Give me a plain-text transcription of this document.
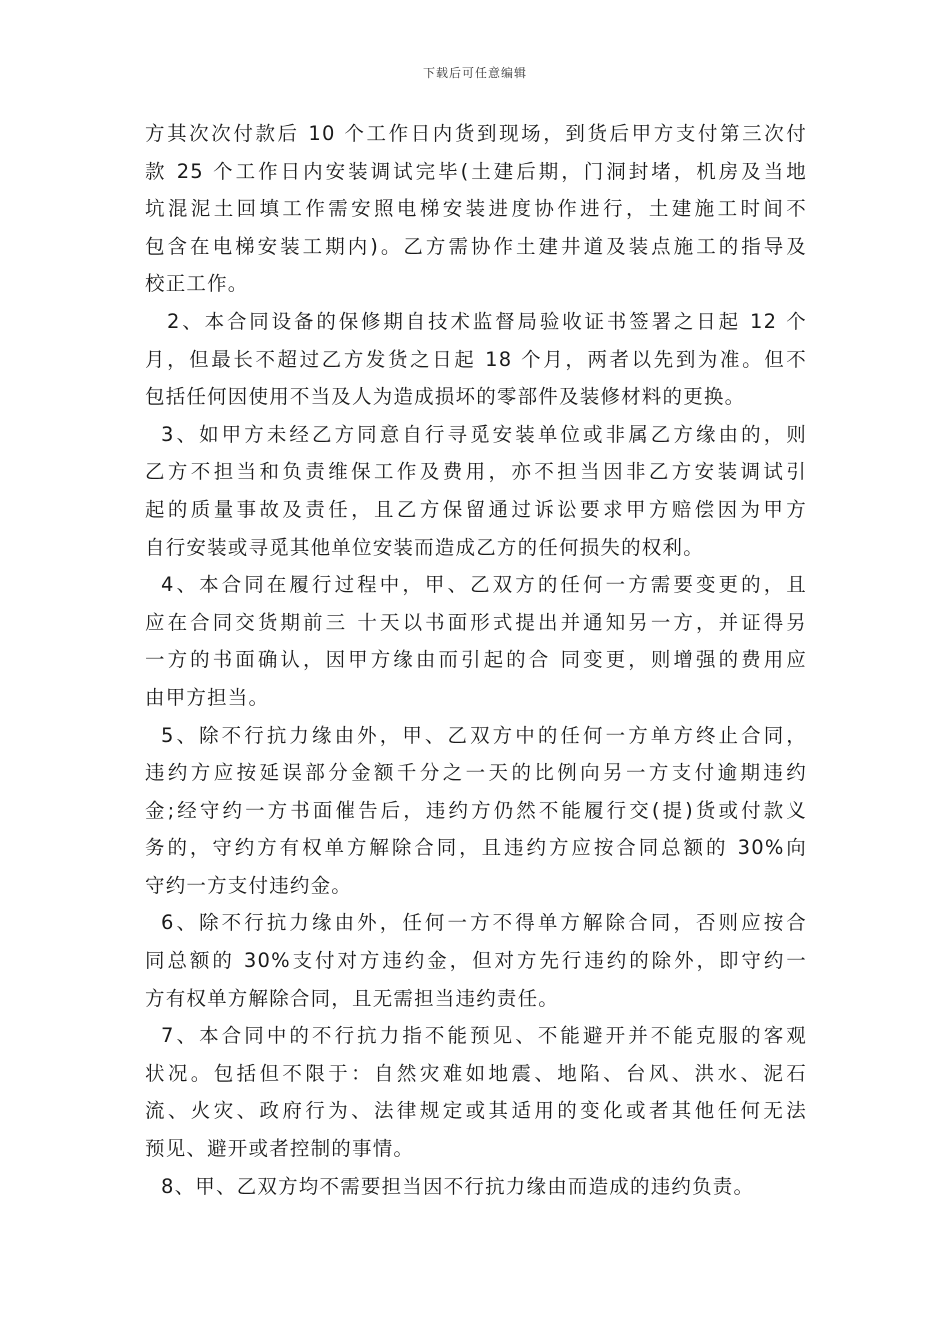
下载后可任意编辑

方其次次付款后 10 个工作日内货到现场，到货后甲方支付第三次付
款 25 个工作日内安装调试完毕(土建后期，门洞封堵，机房及当地
坑混泥土回填工作需安照电梯安装进度协作进行，土建施工时间不
包含在电梯安装工期内)。乙方需协作土建井道及装点施工的指导及
校正工作。

2、本合同设备的保修期自技术监督局验收证书签署之日起 12 个
月，但最长不超过乙方发货之日起 18 个月，两者以先到为准。但不
包括任何因使用不当及人为造成损坏的零部件及装修材料的更换。

3、如甲方未经乙方同意自行寻觅安装单位或非属乙方缘由的，则
乙方不担当和负责维保工作及费用，亦不担当因非乙方安装调试引
起的质量事故及责任，且乙方保留通过诉讼要求甲方赔偿因为甲方
自行安装或寻觅其他单位安装而造成乙方的任何损失的权利。

4、本合同在履行过程中，甲、乙双方的任何一方需要变更的，且
应在合同交货期前三 十天以书面形式提出并通知另一方，并证得另
一方的书面确认，因甲方缘由而引起的合 同变更，则增强的费用应
由甲方担当。

5、除不行抗力缘由外，甲、乙双方中的任何一方单方终止合同，
违约方应按延误部分金额千分之一天的比例向另一方支付逾期违约
金;经守约一方书面催告后，违约方仍然不能履行交(提)货或付款义
务的，守约方有权单方解除合同，且违约方应按合同总额的 30%向
守约一方支付违约金。

6、除不行抗力缘由外，任何一方不得单方解除合同，否则应按合
同总额的 30%支付对方违约金，但对方先行违约的除外，即守约一
方有权单方解除合同，且无需担当违约责任。

7、本合同中的不行抗力指不能预见、不能避开并不能克服的客观
状况。包括但不限于：自然灾难如地震、地陷、台风、洪水、泥石
流、火灾、政府行为、法律规定或其适用的变化或者其他任何无法
预见、避开或者控制的事情。

8、甲、乙双方均不需要担当因不行抗力缘由而造成的违约负责。
